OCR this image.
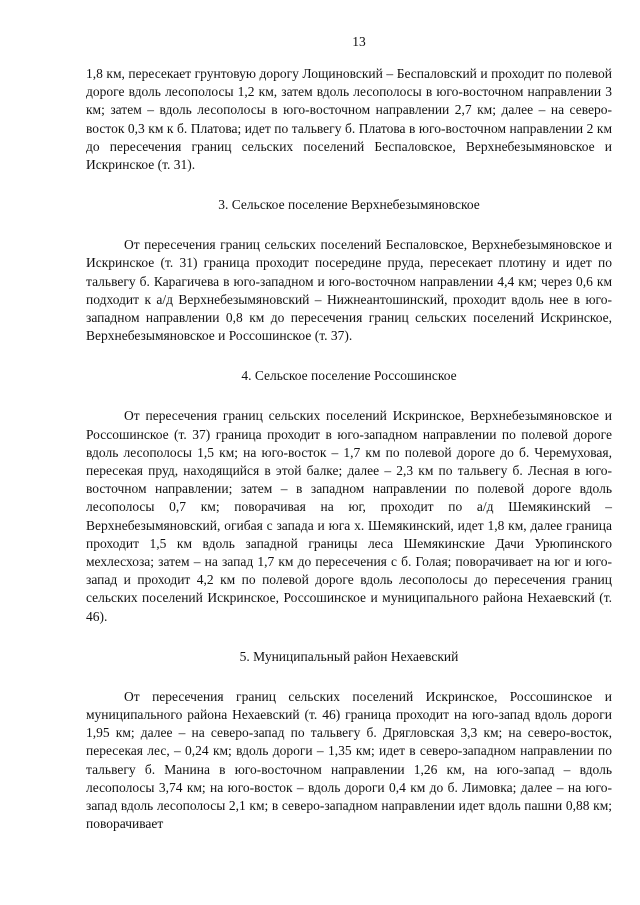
13

1,8 км, пересекает грунтовую дорогу Лощиновский – Беспаловский и проходит по полевой дороге вдоль лесополосы 1,2 км, затем вдоль лесополосы в юго-восточном направлении 3 км; затем – вдоль лесополосы в юго-восточном направлении 2,7 км; далее – на северо-восток 0,3 км к б. Платова; идет по тальвегу б. Платова в юго-восточном направлении 2 км до пересечения границ сельских поселений Беспаловское, Верхнебезымяновское и Искринское (т. 31).

3. Сельское поселение Верхнебезымяновское

От пересечения границ сельских поселений Беспаловское, Верхнебезымяновское и Искринское (т. 31) граница проходит посередине пруда, пересекает плотину и идет по тальвегу б. Карагичева в юго-западном и юго-восточном направлении 4,4 км; через 0,6 км подходит к а/д Верхнебезымяновский – Нижнеантошинский, проходит вдоль нее в юго-западном направлении 0,8 км до пересечения границ сельских поселений Искринское, Верхнебезымяновское и Россошинское (т. 37).

4. Сельское поселение Россошинское

От пересечения границ сельских поселений Искринское, Верхнебезымяновское и Россошинское (т. 37) граница проходит в юго-западном направлении по полевой дороге вдоль лесополосы 1,5 км; на юго-восток – 1,7 км по полевой дороге до б. Черемуховая, пересекая пруд, находящийся в этой балке; далее – 2,3 км по тальвегу б. Лесная в юго-восточном направлении; затем – в западном направлении по полевой дороге вдоль лесополосы 0,7 км; поворачивая на юг, проходит по а/д Шемякинский – Верхнебезымяновский, огибая с запада и юга х. Шемякинский, идет 1,8 км, далее граница проходит 1,5 км вдоль западной границы леса Шемякинские Дачи Урюпинского мехлесхоза; затем – на запад 1,7 км до пересечения с б. Голая; поворачивает на юг и юго-запад и проходит 4,2 км по полевой дороге вдоль лесополосы до пересечения границ сельских поселений Искринское, Россошинское и муниципального района Нехаевский (т. 46).

5. Муниципальный район Нехаевский

От пересечения границ сельских поселений Искринское, Россошинское и муниципального района Нехаевский (т. 46) граница проходит на юго-запад вдоль дороги 1,95 км; далее – на северо-запад по тальвегу б. Дрягловская 3,3 км; на северо-восток, пересекая лес, – 0,24 км; вдоль дороги – 1,35 км; идет в северо-западном направлении по тальвегу б. Манина в юго-восточном направлении 1,26 км, на юго-запад – вдоль лесополосы 3,74 км; на юго-восток – вдоль дороги 0,4 км до б. Лимовка; далее – на юго-запад вдоль лесополосы 2,1 км; в северо-западном направлении идет вдоль пашни 0,88 км; поворачивает
